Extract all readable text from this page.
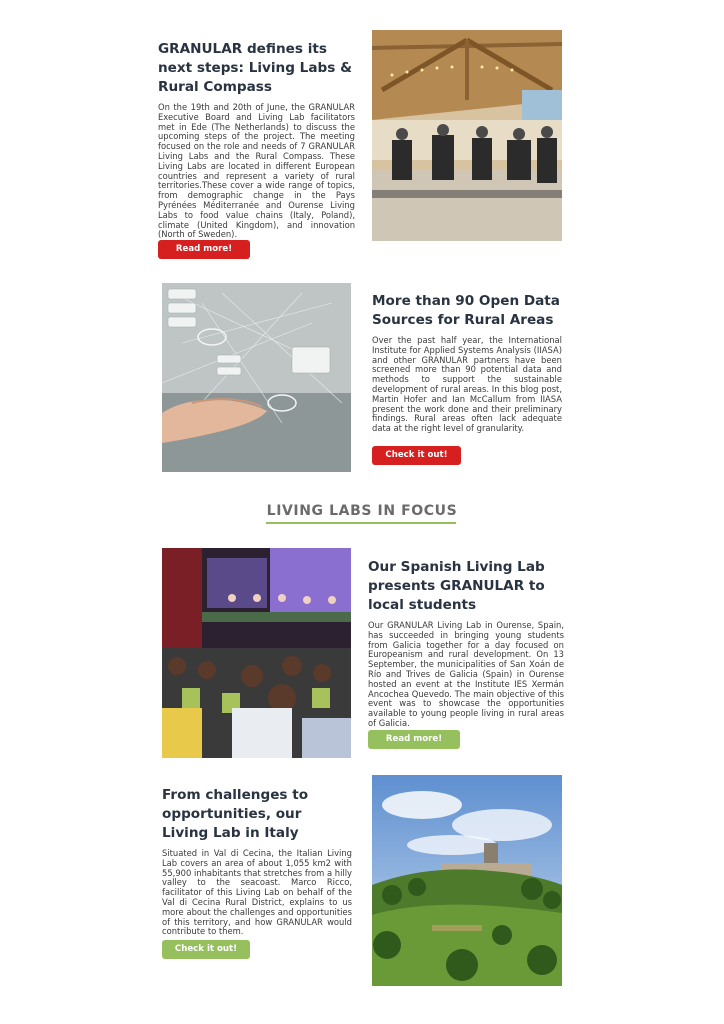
GRANULAR defines its next steps: Living Labs & Rural Compass

On the 19th and 20th of June, the GRANULAR Executive Board and Living Lab facilitators met in Ede (The Netherlands) to discuss the upcoming steps of the project. The meeting focused on the role and needs of 7 GRANULAR Living Labs and the Rural Compass. These Living Labs are located in different European countries and represent a variety of rural territories.These cover a wide range of topics, from demographic change in the Pays Pyrénées Méditerranée and Ourense Living Labs to food value chains (Italy, Poland), climate (United Kingdom), and innovation (North of Sweden).

Read more!
More than 90 Open Data Sources for Rural Areas

Over the past half year, the International Institute for Applied Systems Analysis (IIASA) and other GRANULAR partners have been screened more than 90 potential data and methods to support the sustainable development of rural areas. In this blog post, Martin Hofer and Ian McCallum from IIASA present the work done and their preliminary findings. Rural areas often lack adequate data at the right level of granularity.

Check it out!
LIVING LABS IN FOCUS
Our Spanish Living Lab presents GRANULAR to local students

Our GRANULAR Living Lab in Ourense, Spain, has succeeded in bringing young students from Galicia together for a day focused on Europeanism and rural development. On 13 September, the municipalities of San Xoán de Río and Trives de Galicia (Spain) in Ourense hosted an event at the Institute IES Xermán Ancochea Quevedo. The main objective of this event was to showcase the opportunities available to young people living in rural areas of Galicia.

Read more!
From challenges to opportunities, our Living Lab in Italy

Situated in Val di Cecina, the Italian Living Lab covers an area of about 1,055 km2 with 55,900 inhabitants that stretches from a hilly valley to the seacoast. Marco Ricco, facilitator of this Living Lab on behalf of the Val di Cecina Rural District, explains to us more about the challenges and opportunities of this territory, and how GRANULAR would contribute to them.

Check it out!
